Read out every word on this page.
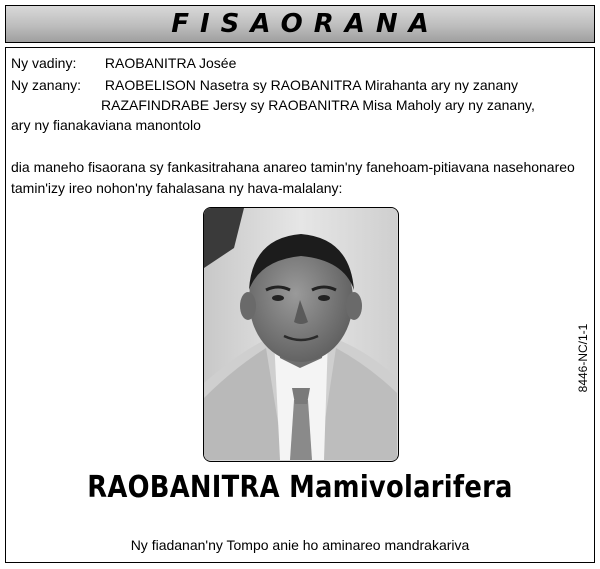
FISAORANA
Ny vadiny: RAOBANITRA Josée
Ny zanany: RAOBELISON Nasetra sy RAOBANITRA Mirahanta ary ny zanany
RAZAFINDRABE Jersy sy RAOBANITRA Misa Maholy ary ny zanany,
ary ny fianakaviana manontolo
dia maneho fisaorana sy fankasitrahana anareo tamin'ny fanehoam-pitiavana nasehonareo
tamin'izy ireo nohon'ny fahalasana ny hava-malalany:
RAOBANITRA Mamivolarifera
Ny fiadanan'ny Tompo anie ho aminareo mandrakariva
8446-NC/1-1
